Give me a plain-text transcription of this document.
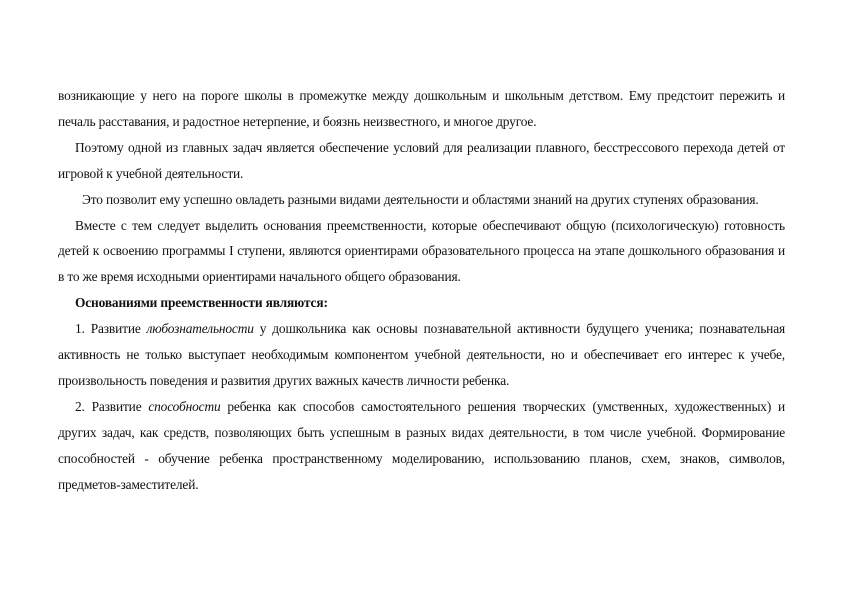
возникающие у него на пороге школы в промежутке между дошкольным и школьным детством. Ему предстоит пережить и печаль расставания, и радостное нетерпение, и боязнь неизвестного, и многое другое.

Поэтому одной из главных задач является обеспечение условий для реализации плавного, бесстрессового перехода детей от игровой к учебной деятельности.

Это позволит ему успешно овладеть разными видами деятельности и областями знаний на других ступенях образования.

Вместе с тем следует выделить основания преемственности, которые обеспечивают общую (психологическую) готовность детей к освоению программы I ступени, являются ориентирами образовательного процесса на этапе дошкольного образования и в то же время исходными ориентирами начального общего образования.

Основаниями преемственности являются:

1. Развитие любознательности у дошкольника как основы познавательной активности будущего ученика; познавательная активность не только выступает необходимым компонентом учебной деятельности, но и обеспечивает его интерес к учебе, произвольность поведения и развития других важных качеств личности ребенка.

2. Развитие способности ребенка как способов самостоятельного решения творческих (умственных, художественных) и других задач, как средств, позволяющих быть успешным в разных видах деятельности, в том числе учебной. Формирование способностей - обучение ребенка пространственному моделированию, использованию планов, схем, знаков, символов, предметов-заместителей.
